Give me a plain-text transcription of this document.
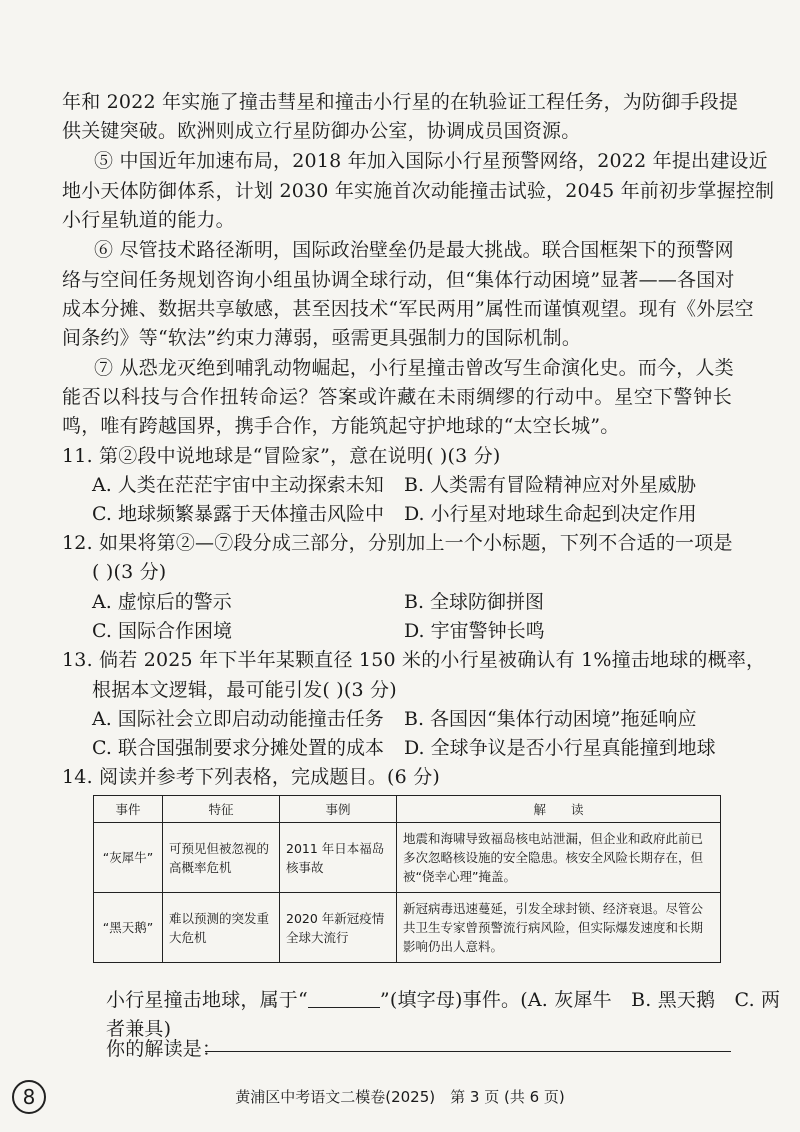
年和 2022 年实施了撞击彗星和撞击小行星的在轨验证工程任务，为防御手段提
供关键突破。欧洲则成立行星防御办公室，协调成员国资源。
⑤ 中国近年加速布局，2018 年加入国际小行星预警网络，2022 年提出建设近
地小天体防御体系，计划 2030 年实施首次动能撞击试验，2045 年前初步掌握控制
小行星轨道的能力。
⑥ 尽管技术路径渐明，国际政治壁垒仍是最大挑战。联合国框架下的预警网
络与空间任务规划咨询小组虽协调全球行动，但“集体行动困境”显著——各国对
成本分摊、数据共享敏感，甚至因技术“军民两用”属性而谨慎观望。现有《外层空
间条约》等“软法”约束力薄弱，亟需更具强制力的国际机制。
⑦ 从恐龙灭绝到哺乳动物崛起，小行星撞击曾改写生命演化史。而今，人类
能否以科技与合作扭转命运？答案或许藏在未雨绸缪的行动中。星空下警钟长
鸣，唯有跨越国界，携手合作，方能筑起守护地球的“太空长城”。
11. 第②段中说地球是“冒险家”，意在说明( )(3 分)
A. 人类在茫茫宇宙中主动探索未知 B. 人类需有冒险精神应对外星威胁
C. 地球频繁暴露于天体撞击风险中 D. 小行星对地球生命起到决定作用
12. 如果将第②—⑦段分成三部分，分别加上一个小标题，下列不合适的一项是
( )(3 分)
A. 虚惊后的警示	B. 全球防御拼图
C. 国际合作困境	D. 宇宙警钟长鸣
13. 倘若 2025 年下半年某颗直径 150 米的小行星被确认有 1%撞击地球的概率，
根据本文逻辑，最可能引发( )(3 分)
A. 国际社会立即启动动能撞击任务 B. 各国因“集体行动困境”拖延响应
C. 联合国强制要求分摊处置的成本 D. 全球争议是否小行星真能撞到地球
14. 阅读并参考下列表格，完成题目。(6 分)
事件	特征	事例	解　　读
“灰犀牛”	可预见但被忽视的高概率危机	2011 年日本福岛核事故	地震和海啸导致福岛核电站泄漏，但企业和政府此前已多次忽略核设施的安全隐患。核安全风险长期存在，但被“侥幸心理”掩盖。
“黑天鹅”	难以预测的突发重大危机	2020 年新冠疫情全球大流行	新冠病毒迅速蔓延，引发全球封锁、经济衰退。尽管公共卫生专家曾预警流行病风险，但实际爆发速度和长期影响仍出人意料。
小行星撞击地球，属于“	”(填字母)事件。(A. 灰犀牛　B. 黑天鹅　C. 两
者兼具)
你的解读是：
8	黄浦区中考语文二模卷(2025)　第 3 页 (共 6 页)
